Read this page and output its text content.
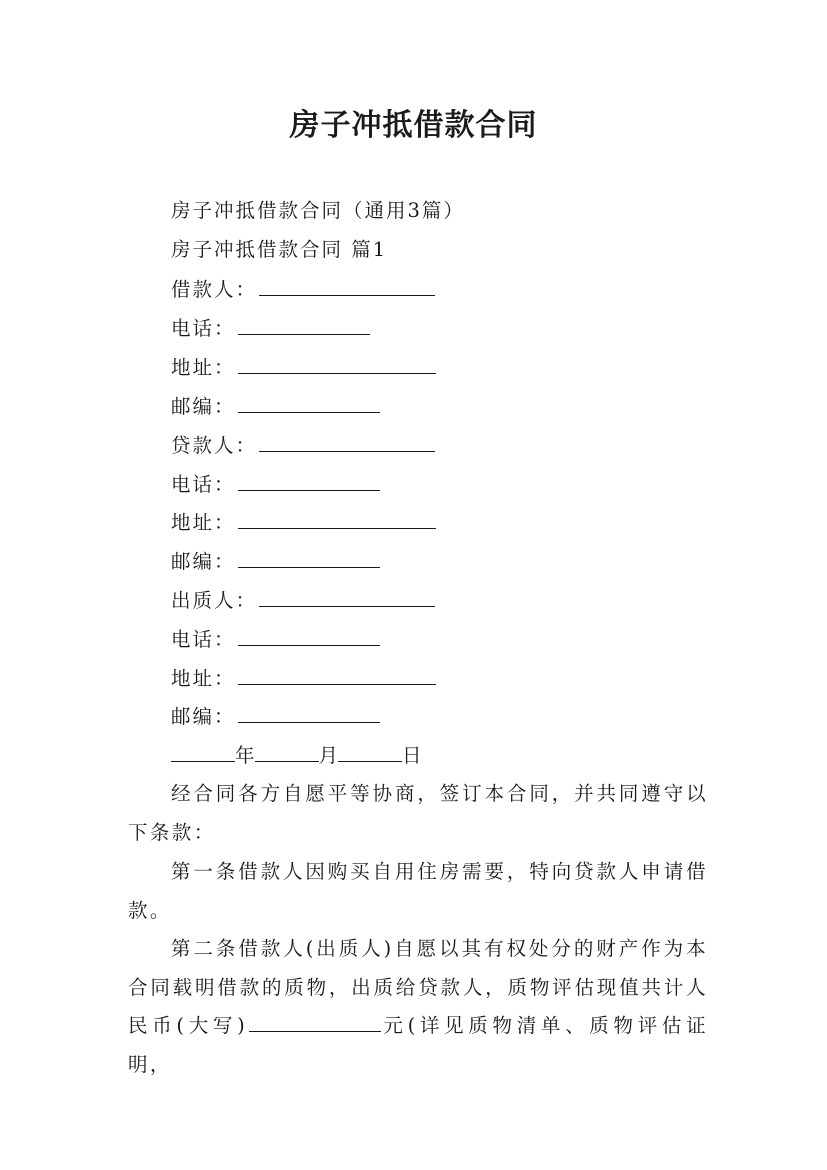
房子冲抵借款合同
房子冲抵借款合同（通用3篇）
房子冲抵借款合同 篇1
借款人：
电话：
地址：
邮编：
贷款人：
电话：
地址：
邮编：
出质人：
电话：
地址：
邮编：
年	月	日
经合同各方自愿平等协商，签订本合同，并共同遵守以下条款：
第一条借款人因购买自用住房需要，特向贷款人申请借款。
第二条借款人(出质人)自愿以其有权处分的财产作为本合同载明借款的质物，出质给贷款人，质物评估现值共计人民币(大写)	元(详见质物清单、质物评估证明，
